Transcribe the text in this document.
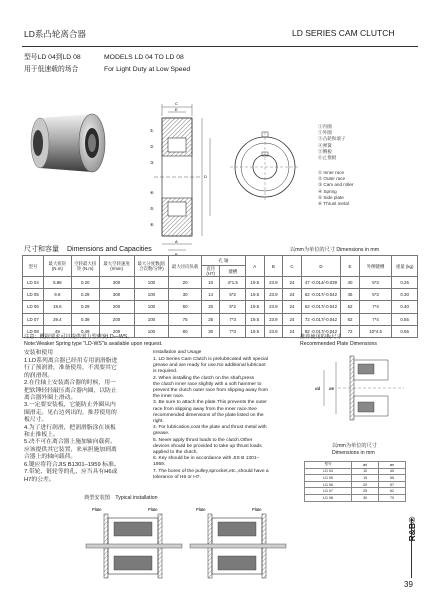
LD系凸轮离合器	LD SERIES CAM CLUTCH
型号LD 04到LD 08	MODELS LD 04 TO LD 08
用于低速载的场合	For Light Duty at Low Speed
C
E
D
A
B
①
②
③
④
⑤
⑥
①内圈
②外圈
③凸轮和滚子
④弹簧
⑤侧板
⑥止推板
① Inner race
② Outer race
③ Cam and roller
④ Spring
⑤ Side plate
⑥ Thrust metal
尺寸和容量 Dimensions and Capacities	以mm为单位的尺寸 Dimensions in mm
型号	最大扭矩 (N.m)	空转最大扭矩 (N.m)	最大空转速度 (r/min)	最大分度数(结合次数/分钟)	最大径向负载	孔 轴		A	B	C	D	E	外侧键槽	重量 (kg)
						直径 (H7)	键槽							
LD 04	5.88	0.20	300	100	20	10	4*1.5	19.5	23.9	24	47 -0.014/-0.039	40	5*3	0.25
LD 05	9.8	0.29	300	100	30	14	5*2	19.5	23.9	24	62 -0.017/-0.042	45	5*3	0.30
LD 06	19.6	0.29	200	100	50	20	5*2	19.5	23.9	24	62 -0.017/-0.042	52	7*4	0.40
LD 07	29.4	0.39	200	100	75	25	7*3	19.5	23.9	24	72 -0.017/-0.042	62	7*4	0.55
LD 08	49	0.49	200	100	80	30	7*3	19.5	23.9	24	82 -0.017/-0.042	72	10*4.5	0.65
注意：概据要求可以提供弱力型弹簧LD—WS。
Note:Weaker Spring type "LD-WS"is available upon request.
推荐使用的板尺寸
Recommended Plate Dimensions
ød øe
安装和使用	Installation and Usage
1.LD系列离合器已经用专用润滑脂进
行了预润滑，准备使用，不需要其它
的润滑剂。
2.在往轴上安装离合器的时候，用一
把软锤轻轻敲压离合器内圈，以防止
离合器外圈上滑动。
3.一定要安装板，它能防止外圈从内
圈滑走。见右边列出的，推荐使用的
板尺寸。
4.为了进行润滑，把润滑脂涂在该板
和止推板上。
5.决不可在离合器上施加轴向载荷。
应该提供其它装置，来承担施加到离
合器上的轴向载荷。
6.键应将符合JIS B1301–1959 标准。
7.带轮、链轮等的孔，应当具有H6或
H7的公差。
1. LD Series Cam Clutch is prelubricated with special
grease and are ready for use.No additional lubricant
is required.
2. When installing the clutch on the shaft,press
the clutch inner race slightly with a soft hammer to
prevent the clutch outer race from slipping away from
the inner race.
3. Be sure to attach the plate.This prevents the outer
race from slipping away from the inner race.See
recommended dimensions of the plate listed on the
right.
4. For lubrication,coat the plate and thrust metal with
grease.
5. Never apply thrust loads to the clutch.Other
devices should be provided to take up thrust loads
applied to the clutch.
6. Key should be in accordance with JIS B 1301–
1959.
7. The bores of the pulley,sprocket,etc.,should have a
tolerance of H6 or H7.
以mm为单位的尺寸
Dimensions in mm
型号	ød	øe
LD 04	10	40
LD 05	15	55
LD 06	20	57
LD 07	25	62
LD 08	30	70
典型安装图 Typical installation
Plate	Plate	Plate	Plate
R&B®
39
